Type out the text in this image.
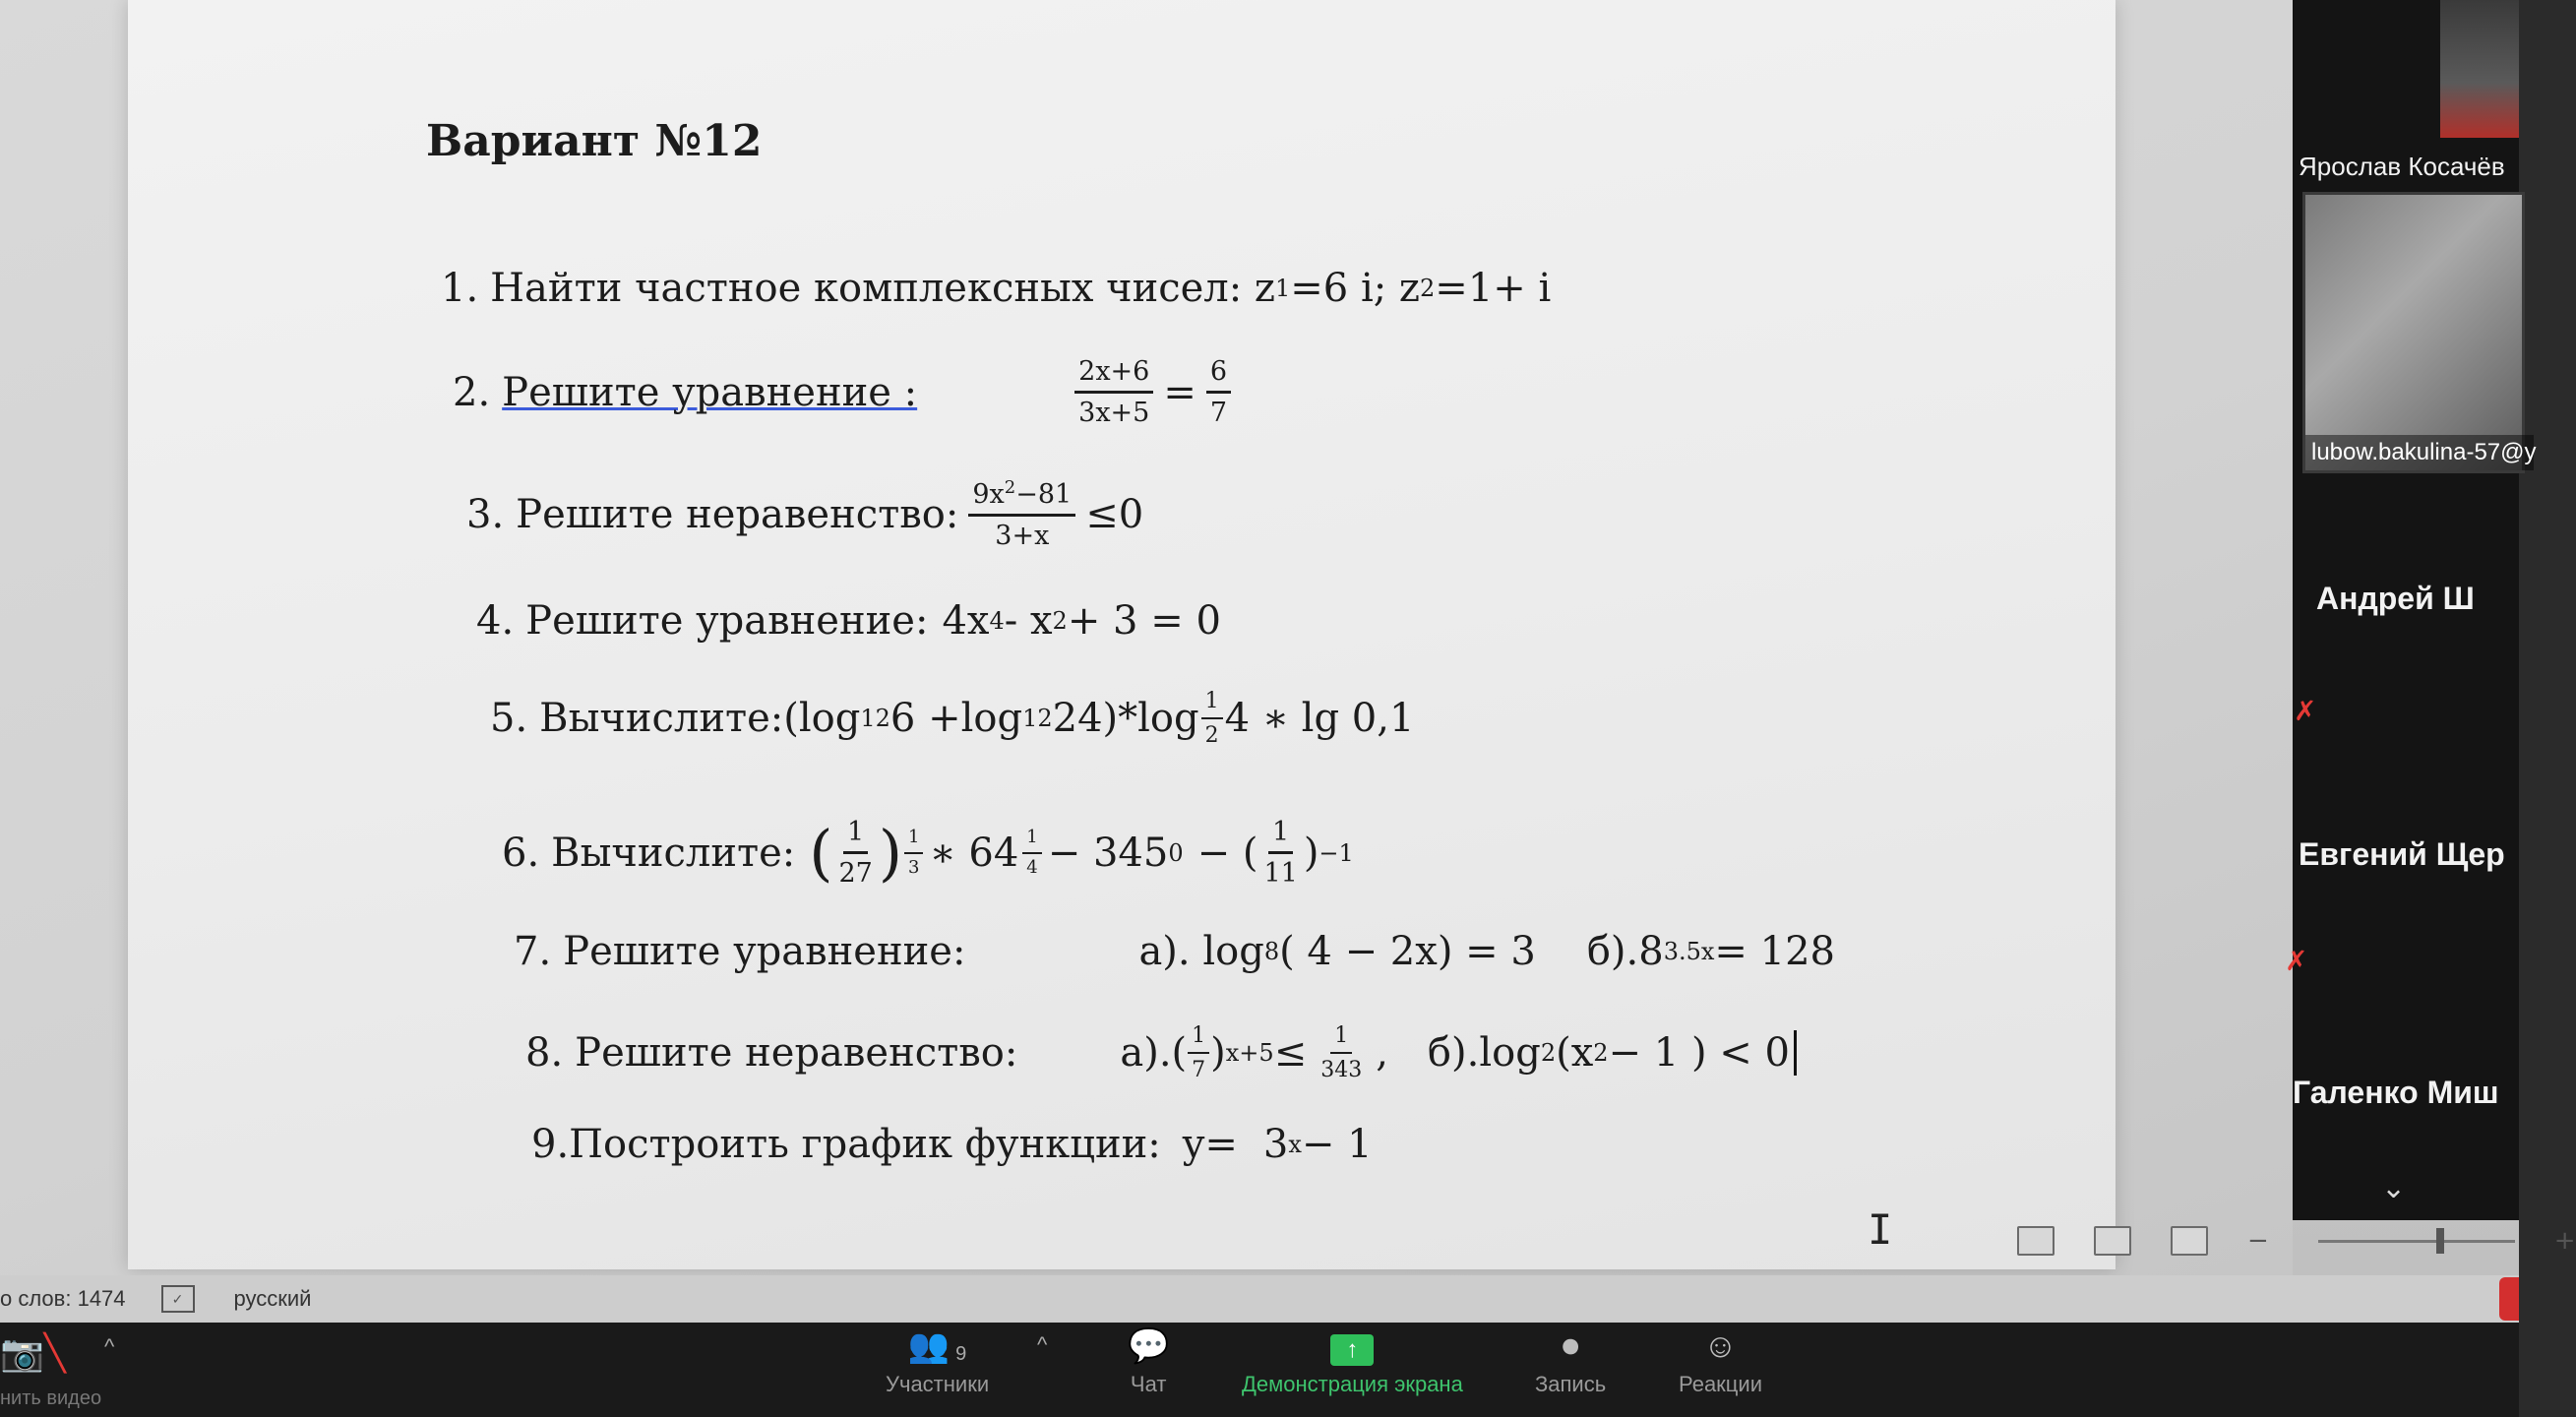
Вариант №12
1. Найти частное комплексных чисел: z 1 =6 i; z 2 =1+ i
2. Решите уравнение :	$\frac{2x+6}{3x+5} = \frac{6}{7}$
3. Решите неравенство: $\frac{9x^2-81}{3+x} \le 0$
4. Решите уравнение: 4x 4 - x 2 + 3 = 0
5. Вычислите: (log 12 6 +log 12 $24)*\log \frac{1}{2} 4$ ∗ lg 0,1
6. Вычислите: ( $\frac{1}{27}$ ) $\frac{1}{3}$ ∗ $64 \frac{1}{4} - 345$ 0 − ( $\frac{1}{11}$ ) −1
7. Решите уравнение:	a). log 8 ( 4 − 2x) = 3 б).8 3.5x = 128
8. Решите неравенство:	$a).( \frac{1}{7}$ ) $x+5 \le \frac{1}{343}$ , б).log 2 (x 2 − 1 ) < 0
9. Построить график функции: y= 3 x − 1
I	−	+
о слов: 1474	✓	русский
Ярослав Косачёв
lubow.bakulina-57@y
Андрей Ш
✗
Евгений Щер
✗
Галенко Миш
⌄
📷╲ ^
нить видео
👥 9
Участники
^ 💬
Чат
↑
Демонстрация экрана
⏺
Запись
☺
Реакции
